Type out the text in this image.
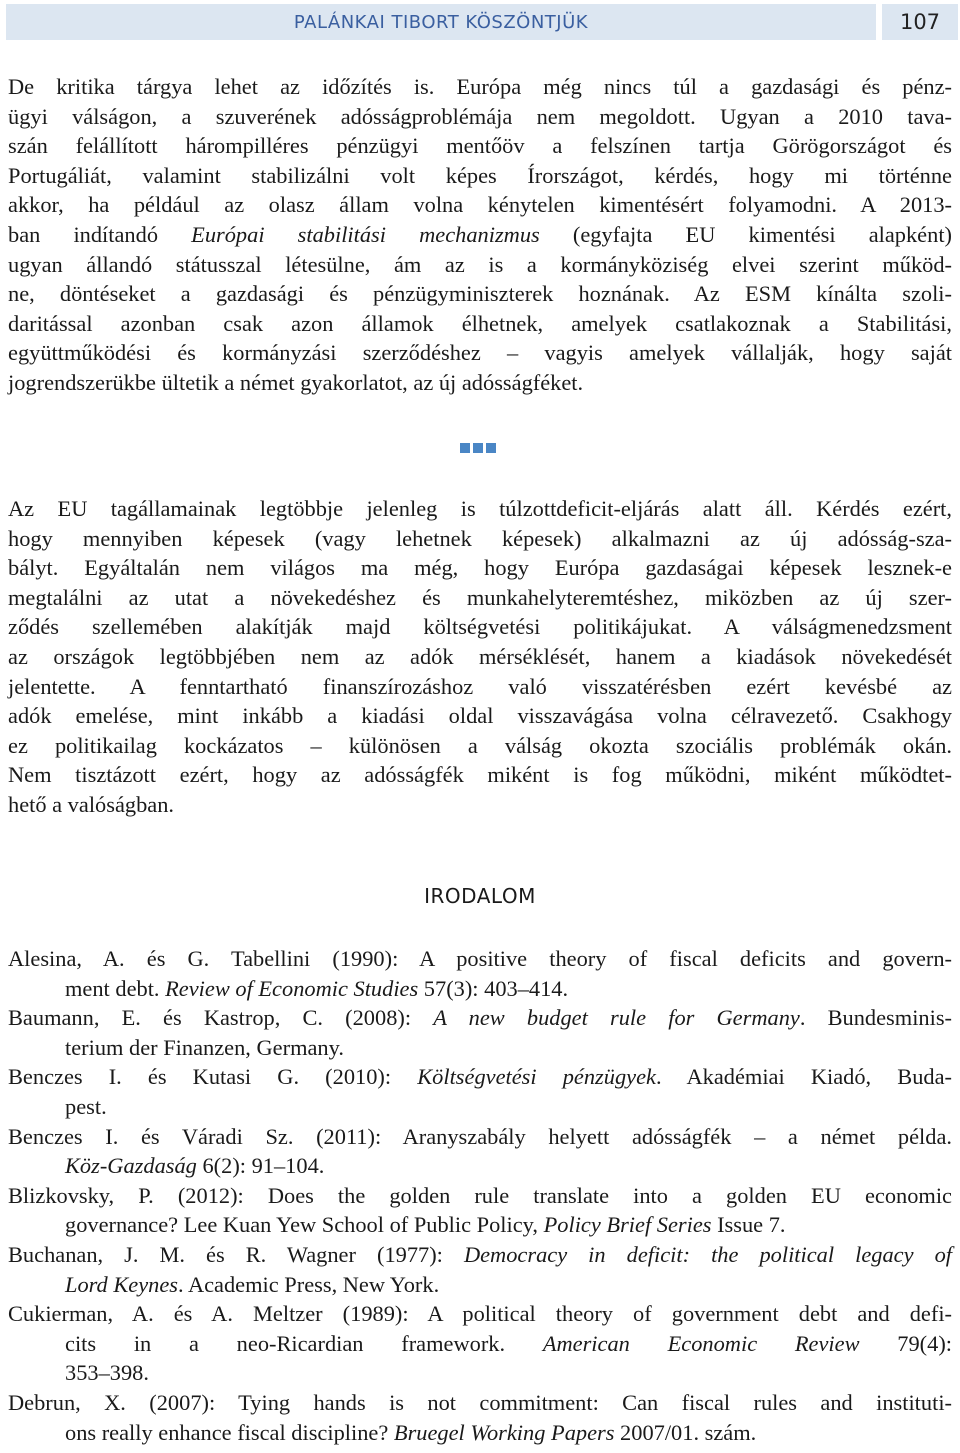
PALÁNKAI TIBORT KÖSZÖNTJÜK	107
De kritika tárgya lehet az időzítés is. Európa még nincs túl a gazdasági és pénz-
ügyi válságon, a szuverének adósságproblémája nem megoldott. Ugyan a 2010 tava-
szán felállított hárompilléres pénzügyi mentőöv a felszínen tartja Görögországot és
Portugáliát, valamint stabilizálni volt képes Írországot, kérdés, hogy mi történne
akkor, ha például az olasz állam volna kénytelen kimentésért folyamodni. A 2013-
ban indítandó Európai stabilitási mechanizmus (egyfajta EU kimentési alapként)
ugyan állandó státusszal létesülne, ám az is a kormányköziség elvei szerint működ-
ne, döntéseket a gazdasági és pénzügyminiszterek hoznának. Az ESM kínálta szoli-
daritással azonban csak azon államok élhetnek, amelyek csatlakoznak a Stabilitási,
együttműködési és kormányzási szerződéshez – vagyis amelyek vállalják, hogy saját
jogrendszerükbe ültetik a német gyakorlatot, az új adósságféket.
Az EU tagállamainak legtöbbje jelenleg is túlzottdeficit-eljárás alatt áll. Kérdés ezért,
hogy mennyiben képesek (vagy lehetnek képesek) alkalmazni az új adósság-sza-
bályt. Egyáltalán nem világos ma még, hogy Európa gazdaságai képesek lesznek-e
megtalálni az utat a növekedéshez és munkahelyteremtéshez, miközben az új szer-
ződés szellemében alakítják majd költségvetési politikájukat. A válságmenedzsment
az országok legtöbbjében nem az adók mérséklését, hanem a kiadások növekedését
jelentette. A fenntartható finanszírozáshoz való visszatérésben ezért kevésbé az
adók emelése, mint inkább a kiadási oldal visszavágása volna célravezető. Csakhogy
ez politikailag kockázatos – különösen a válság okozta szociális problémák okán.
Nem tisztázott ezért, hogy az adósságfék miként is fog működni, miként működtet-
hető a valóságban.
IRODALOM
Alesina, A. és G. Tabellini (1990): A positive theory of fiscal deficits and govern-
ment debt. Review of Economic Studies 57(3): 403–414.
Baumann, E. és Kastrop, C. (2008): A new budget rule for Germany. Bundesminis-
terium der Finanzen, Germany.
Benczes I. és Kutasi G. (2010): Költségvetési pénzügyek. Akadémiai Kiadó, Buda-
pest.
Benczes I. és Váradi Sz. (2011): Aranyszabály helyett adósságfék – a német példa.
Köz-Gazdaság 6(2): 91–104.
Blizkovsky, P. (2012): Does the golden rule translate into a golden EU economic
governance? Lee Kuan Yew School of Public Policy, Policy Brief Series Issue 7.
Buchanan, J. M. és R. Wagner (1977): Democracy in deficit: the political legacy of
Lord Keynes. Academic Press, New York.
Cukierman, A. és A. Meltzer (1989): A political theory of government debt and defi-
cits in a neo-Ricardian framework. American Economic Review 79(4):
353–398.
Debrun, X. (2007): Tying hands is not commitment: Can fiscal rules and instituti-
ons really enhance fiscal discipline? Bruegel Working Papers 2007/01. szám.
